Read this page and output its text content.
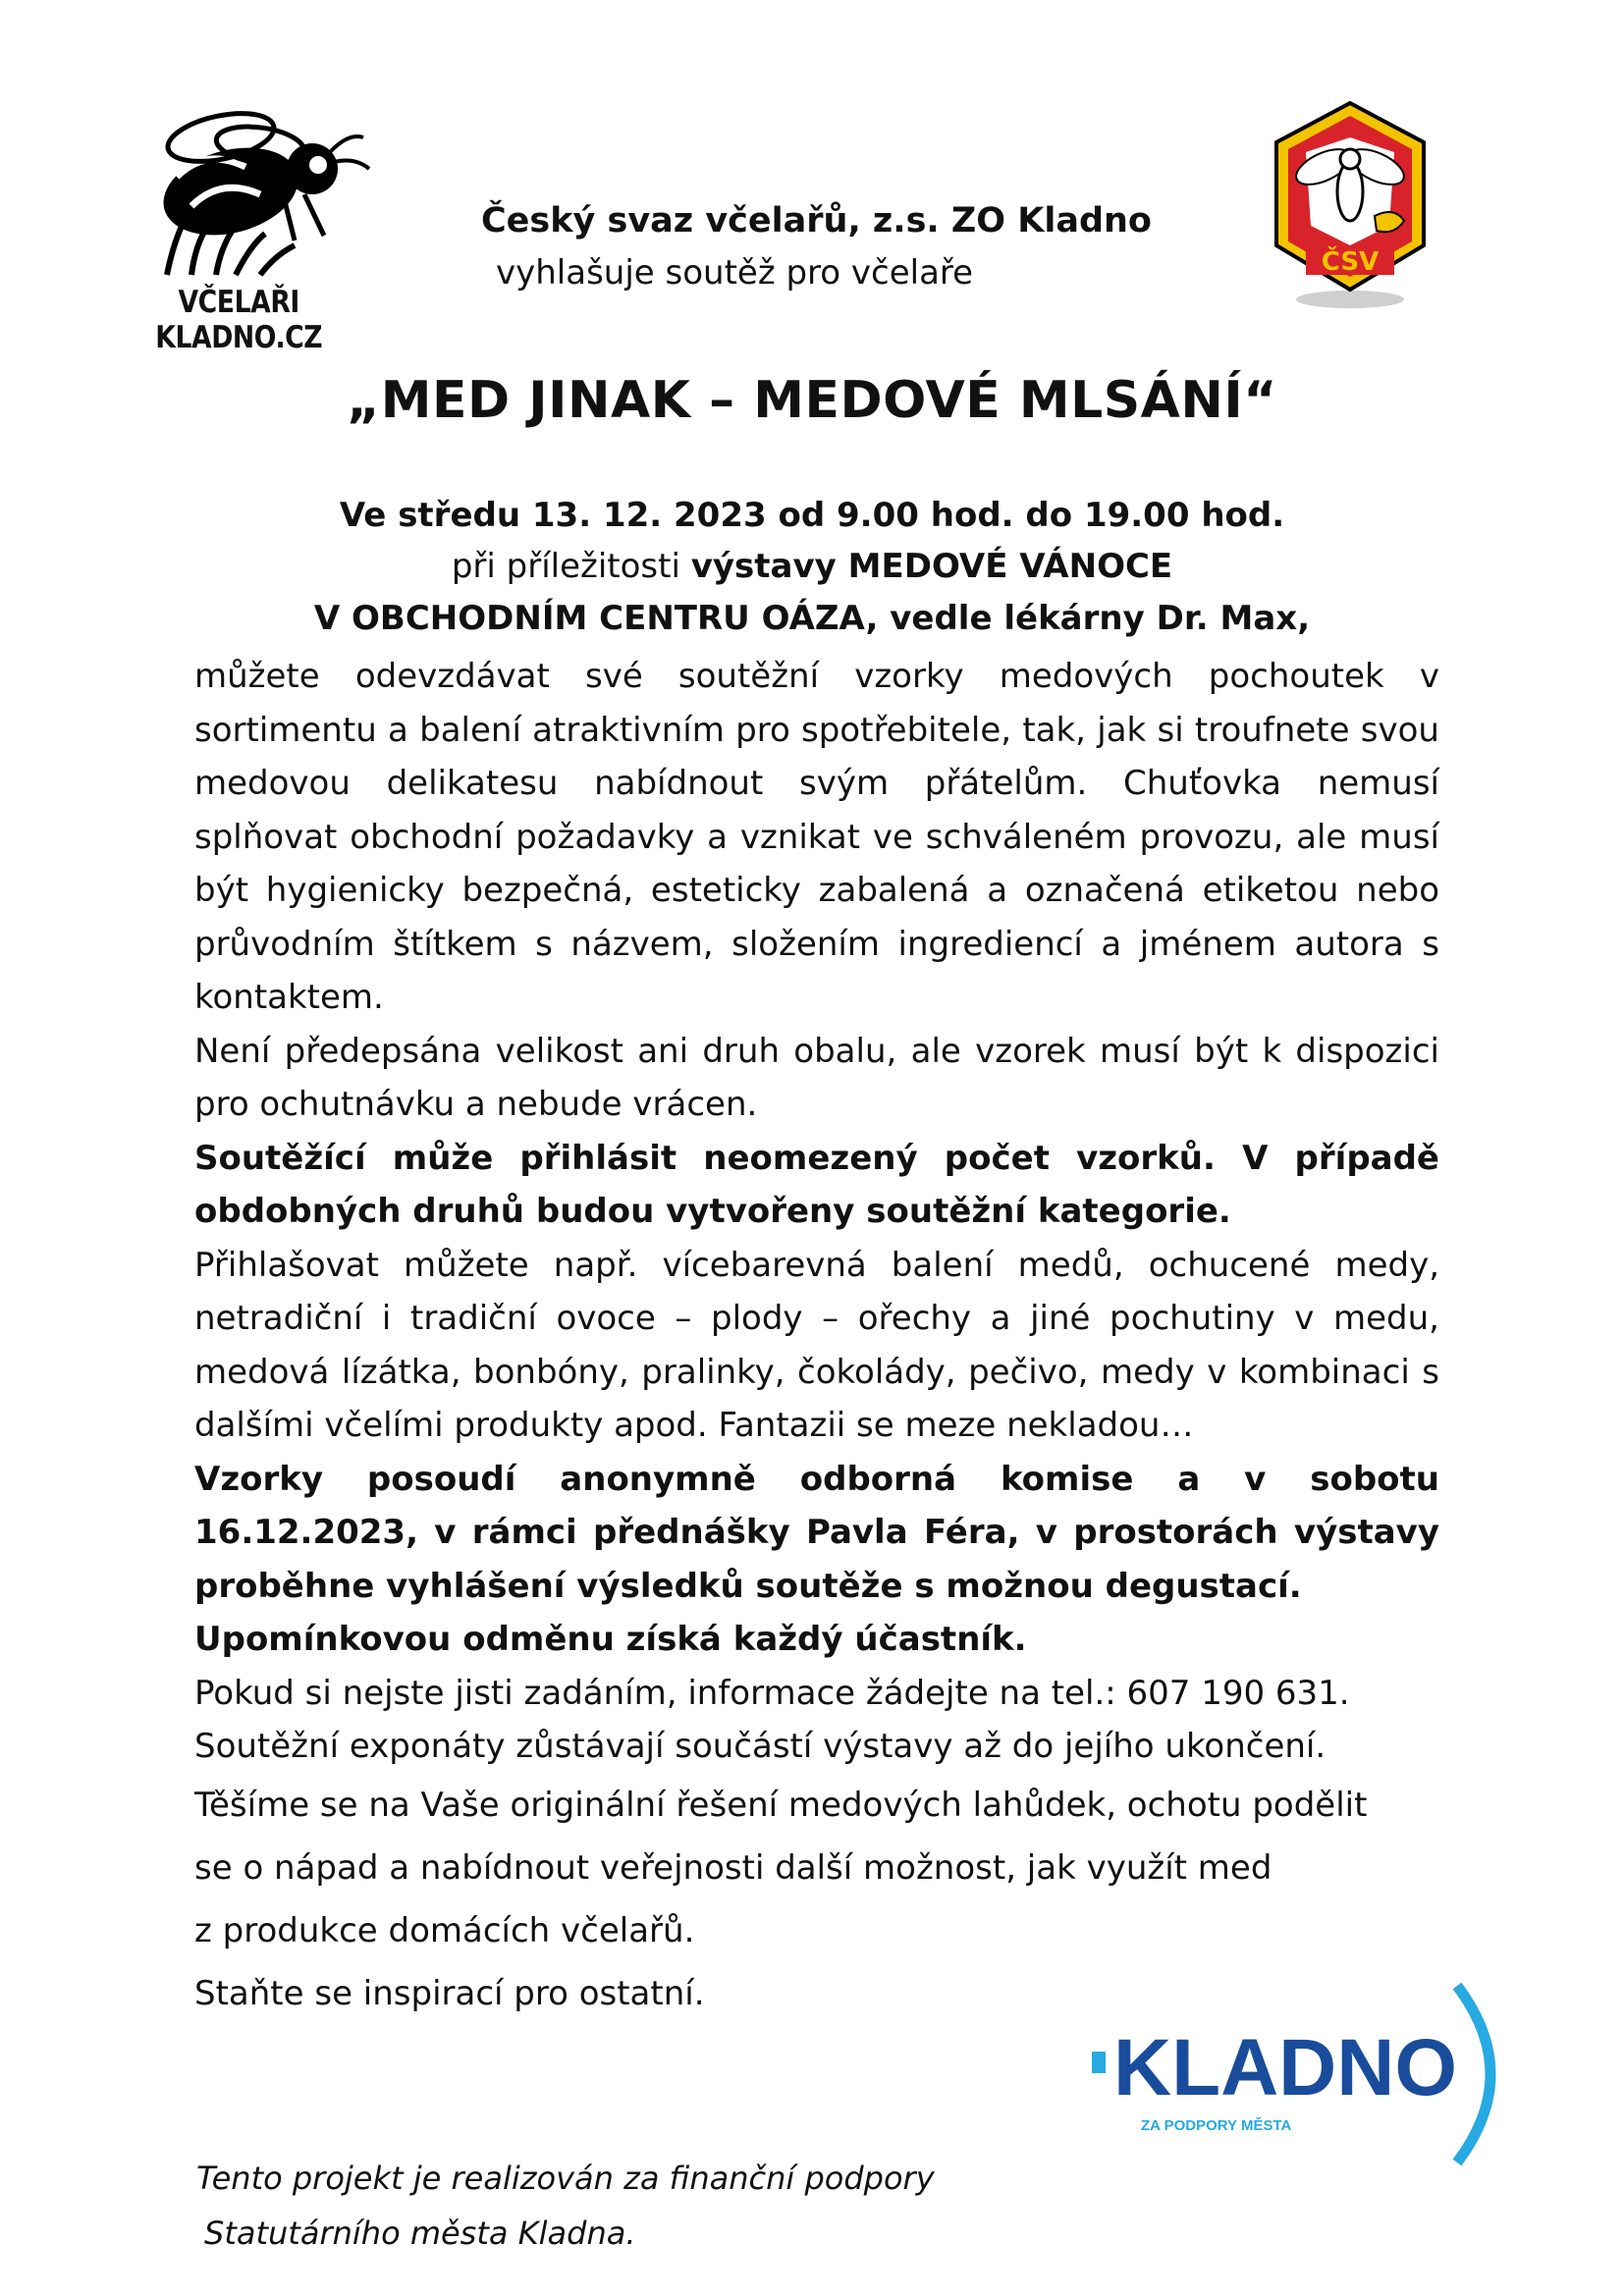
VČELAŘI KLADNO.CZ
ČSV
Český svaz včelařů, z.s. ZO Kladno
vyhlašuje soutěž pro včelaře
„MED JINAK – MEDOVÉ MLSÁNÍ“
Ve středu 13. 12. 2023 od 9.00 hod. do 19.00 hod.
při příležitosti výstavy MEDOVÉ VÁNOCE
V OBCHODNÍM CENTRU OÁZA, vedle lékárny Dr. Max,

můžete odevzdávat své soutěžní vzorky medových pochoutek v sortimentu a balení atraktivním pro spotřebitele, tak, jak si troufnete svou medovou delikatesu nabídnout svým přátelům. Chuťovka nemusí splňovat obchodní požadavky a vznikat ve schváleném provozu, ale musí být hygienicky bezpečná, esteticky zabalená a označená etiketou nebo průvodním štítkem s názvem, složením ingrediencí a jménem autora s kontaktem.

Není předepsána velikost ani druh obalu, ale vzorek musí být k dispozici pro ochutnávku a nebude vrácen.

Soutěžící může přihlásit neomezený počet vzorků. V případě obdobných druhů budou vytvořeny soutěžní kategorie.

Přihlašovat můžete např. vícebarevná balení medů, ochucené medy, netradiční i tradiční ovoce – plody – ořechy a jiné pochutiny v medu, medová lízátka, bonbóny, pralinky, čokolády, pečivo, medy v kombinaci s dalšími včelími produkty apod. Fantazii se meze nekladou…

Vzorky posoudí anonymně odborná komise a v sobotu 16.12.2023, v rámci přednášky Pavla Féra, v prostorách výstavy proběhne vyhlášení výsledků soutěže s možnou degustací.

Upomínkovou odměnu získá každý účastník.

Pokud si nejste jisti zadáním, informace žádejte na tel.: 607 190 631.

Soutěžní exponáty zůstávají součástí výstavy až do jejího ukončení.

Těšíme se na Vaše originální řešení medových lahůdek, ochotu podělit

se o nápad a nabídnout veřejnosti další možnost, jak využít med

z produkce domácích včelařů.

Staňte se inspirací pro ostatní.

KLADNO
ZA PODPORY MĚSTA
Tento projekt je realizován za finanční podpory
Statutárního města Kladna.
